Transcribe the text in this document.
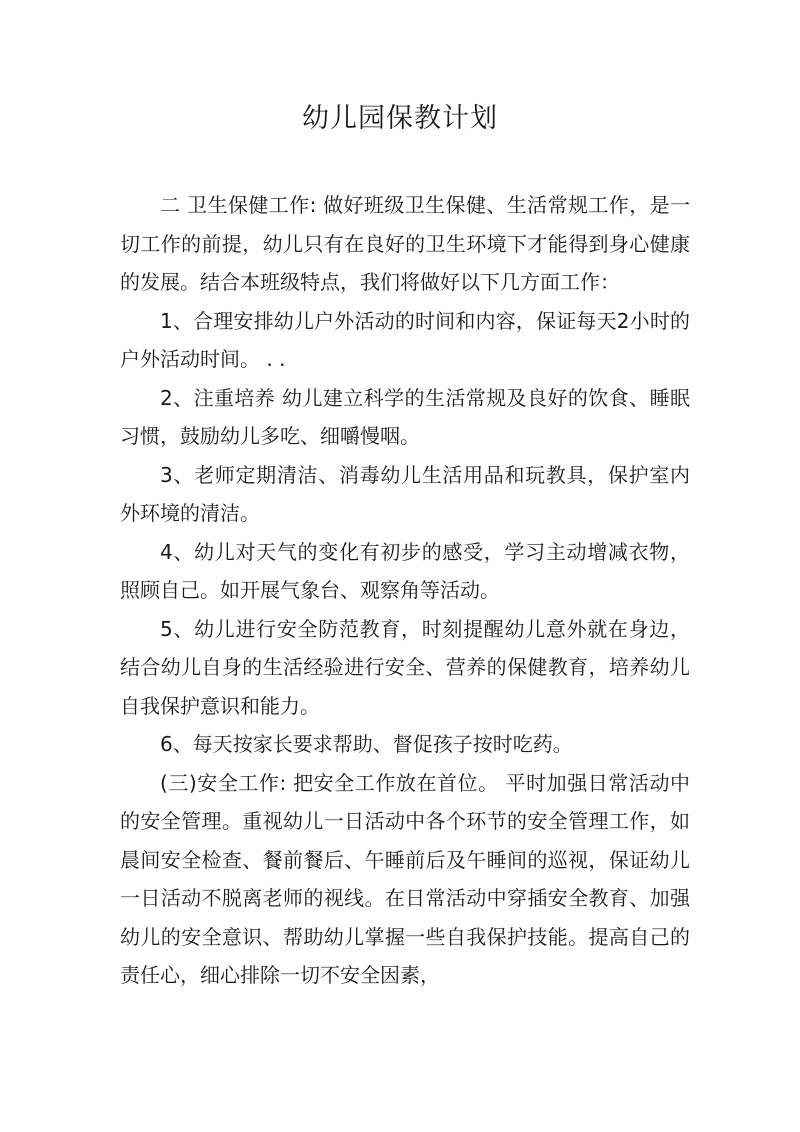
幼儿园保教计划

二 卫生保健工作: 做好班级卫生保健、生活常规工作，是一切工作的前提，幼儿只有在良好的卫生环境下才能得到身心健康的发展。结合本班级特点，我们将做好以下几方面工作：

1、合理安排幼儿户外活动的时间和内容，保证每天2小时的户外活动时间。 . .

2、注重培养 幼儿建立科学的生活常规及良好的饮食、睡眠习惯，鼓励幼儿多吃、细嚼慢咽。

3、老师定期清洁、消毒幼儿生活用品和玩教具，保护室内外环境的清洁。

4、幼儿对天气的变化有初步的感受，学习主动增减衣物，照顾自己。如开展气象台、观察角等活动。

5、幼儿进行安全防范教育，时刻提醒幼儿意外就在身边，结合幼儿自身的生活经验进行安全、营养的保健教育，培养幼儿自我保护意识和能力。

6、每天按家长要求帮助、督促孩子按时吃药。

(三)安全工作: 把安全工作放在首位。 平时加强日常活动中的安全管理。重视幼儿一日活动中各个环节的安全管理工作，如晨间安全检查、餐前餐后、午睡前后及午睡间的巡视，保证幼儿一日活动不脱离老师的视线。在日常活动中穿插安全教育、加强幼儿的安全意识、帮助幼儿掌握一些自我保护技能。提高自己的责任心，细心排除一切不安全因素，
